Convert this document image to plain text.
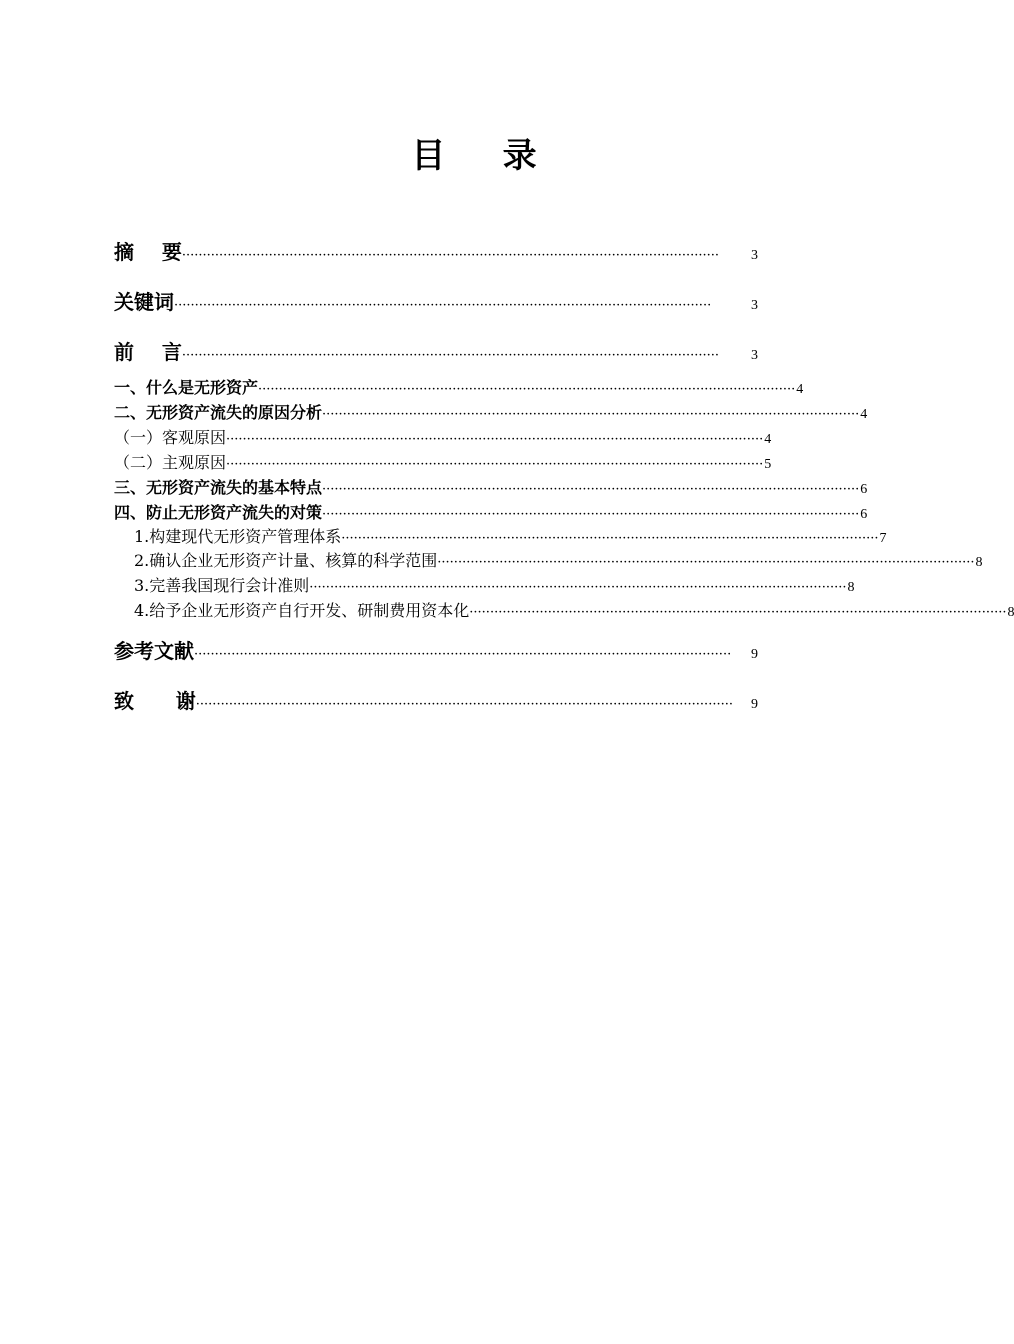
目    录
摘    要 ··································································································································	3
关键词 ··································································································································	3
前    言 ··································································································································	3
一、什么是无形资产 ·································································································································· 4
二、无形资产流失的原因分析 ·································································································································· 4
（一）客观原因 ·································································································································· 4
（二）主观原因 ·································································································································· 5
三、无形资产流失的基本特点 ·································································································································· 6
四、防止无形资产流失的对策 ·································································································································· 6
1.构建现代无形资产管理体系 ·································································································································· 7
2.确认企业无形资产计量、核算的科学范围 ·································································································································· 8
3.完善我国现行会计准则 ·································································································································· 8
4.给予企业无形资产自行开发、研制费用资本化 ·································································································································· 8
参考文献 ··································································································································	9
致      谢 ··································································································································	9
